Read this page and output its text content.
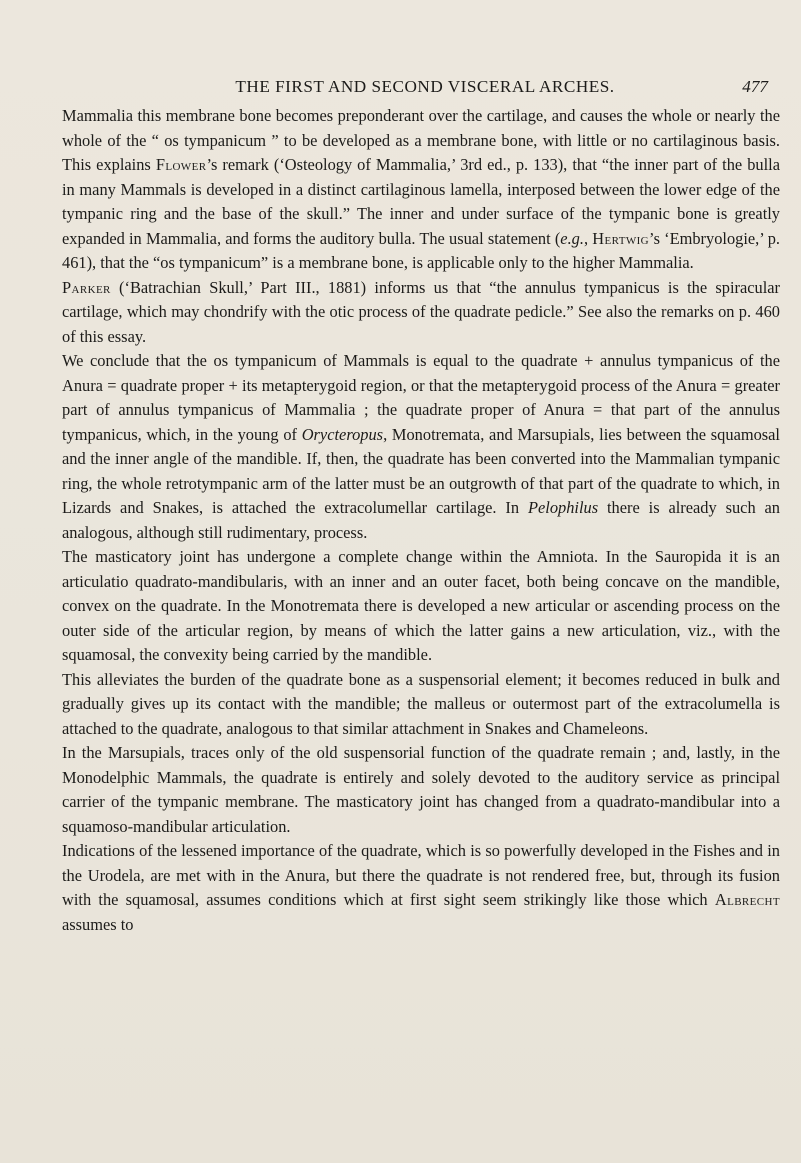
THE FIRST AND SECOND VISCERAL ARCHES.	477

Mammalia this membrane bone becomes preponderant over the cartilage, and causes the whole or nearly the whole of the “ os tympanicum ” to be developed as a membrane bone, with little or no cartilaginous basis. This explains Flower’s remark (‘Osteology of Mammalia,’ 3rd ed., p. 133), that “the inner part of the bulla in many Mammals is developed in a distinct cartilaginous lamella, interposed between the lower edge of the tympanic ring and the base of the skull.” The inner and under surface of the tympanic bone is greatly expanded in Mammalia, and forms the auditory bulla. The usual statement (e.g., Hertwig’s ‘Embryologie,’ p. 461), that the “os tympanicum” is a membrane bone, is applicable only to the higher Mammalia.

Parker (‘Batrachian Skull,’ Part III., 1881) informs us that “the annulus tympanicus is the spiracular cartilage, which may chondrify with the otic process of the quadrate pedicle.” See also the remarks on p. 460 of this essay.

We conclude that the os tympanicum of Mammals is equal to the quadrate + annulus tympanicus of the Anura = quadrate proper + its metapterygoid region, or that the metapterygoid process of the Anura = greater part of annulus tympanicus of Mammalia ; the quadrate proper of Anura = that part of the annulus tympanicus, which, in the young of Orycteropus, Monotremata, and Marsupials, lies between the squamosal and the inner angle of the mandible. If, then, the quadrate has been converted into the Mammalian tympanic ring, the whole retrotympanic arm of the latter must be an outgrowth of that part of the quadrate to which, in Lizards and Snakes, is attached the extracolumellar cartilage. In Pelophilus there is already such an analogous, although still rudimentary, process.

The masticatory joint has undergone a complete change within the Amniota. In the Sauropida it is an articulatio quadrato-mandibularis, with an inner and an outer facet, both being concave on the mandible, convex on the quadrate. In the Monotremata there is developed a new articular or ascending process on the outer side of the articular region, by means of which the latter gains a new articulation, viz., with the squamosal, the convexity being carried by the mandible.

This alleviates the burden of the quadrate bone as a suspensorial element; it becomes reduced in bulk and gradually gives up its contact with the mandible; the malleus or outermost part of the extracolumella is attached to the quadrate, analogous to that similar attachment in Snakes and Chameleons.

In the Marsupials, traces only of the old suspensorial function of the quadrate remain ; and, lastly, in the Monodelphic Mammals, the quadrate is entirely and solely devoted to the auditory service as principal carrier of the tympanic membrane. The masticatory joint has changed from a quadrato-mandibular into a squamoso-mandibular articulation.

Indications of the lessened importance of the quadrate, which is so powerfully developed in the Fishes and in the Urodela, are met with in the Anura, but there the quadrate is not rendered free, but, through its fusion with the squamosal, assumes conditions which at first sight seem strikingly like those which Albrecht assumes to
